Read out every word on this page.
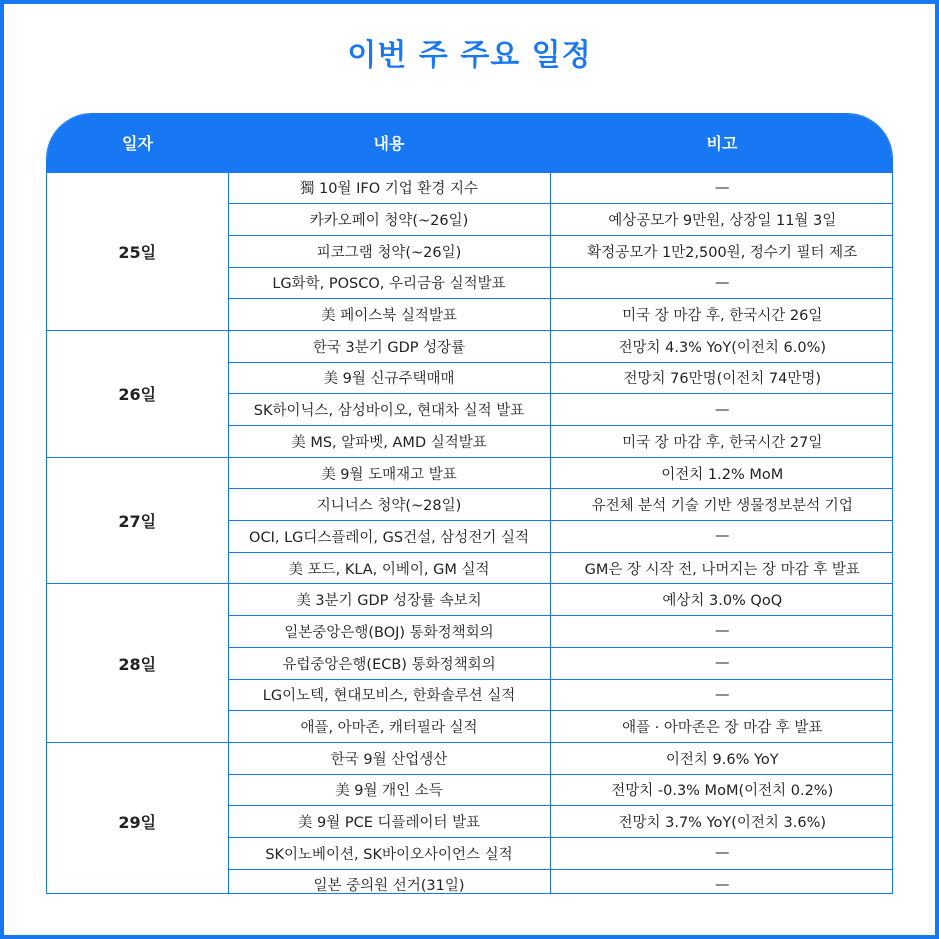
이번 주 주요 일정
일자	내용	비고
25일	獨 10월 IFO 기업 환경 지수	—
	카카오페이 청약(~26일)	예상공모가 9만원, 상장일 11월 3일
	피코그램 청약(~26일)	확정공모가 1만2,500원, 정수기 필터 제조
	LG화학, POSCO, 우리금융 실적발표	—
	美 페이스북 실적발표	미국 장 마감 후, 한국시간 26일
26일	한국 3분기 GDP 성장률	전망치 4.3% YoY(이전치 6.0%)
	美 9월 신규주택매매	전망치 76만명(이전치 74만명)
	SK하이닉스, 삼성바이오, 현대차 실적 발표	—
	美 MS, 알파벳, AMD 실적발표	미국 장 마감 후, 한국시간 27일
27일	美 9월 도매재고 발표	이전치 1.2% MoM
	지니너스 청약(~28일)	유전체 분석 기술 기반 생물정보분석 기업
	OCI, LG디스플레이, GS건설, 삼성전기 실적	—
	美 포드, KLA, 이베이, GM 실적	GM은 장 시작 전, 나머지는 장 마감 후 발표
28일	美 3분기 GDP 성장률 속보치	예상치 3.0% QoQ
	일본중앙은행(BOJ) 통화정책회의	—
	유럽중앙은행(ECB) 통화정책회의	—
	LG이노텍, 현대모비스, 한화솔루션 실적	—
	애플, 아마존, 캐터필라 실적	애플 · 아마존은 장 마감 후 발표
29일	한국 9월 산업생산	이전치 9.6% YoY
	美 9월 개인 소득	전망치 -0.3% MoM(이전치 0.2%)
	美 9월 PCE 디플레이터 발표	전망치 3.7% YoY(이전치 3.6%)
	SK이노베이션, SK바이오사이언스 실적	—
	일본 중의원 선거(31일)	—
